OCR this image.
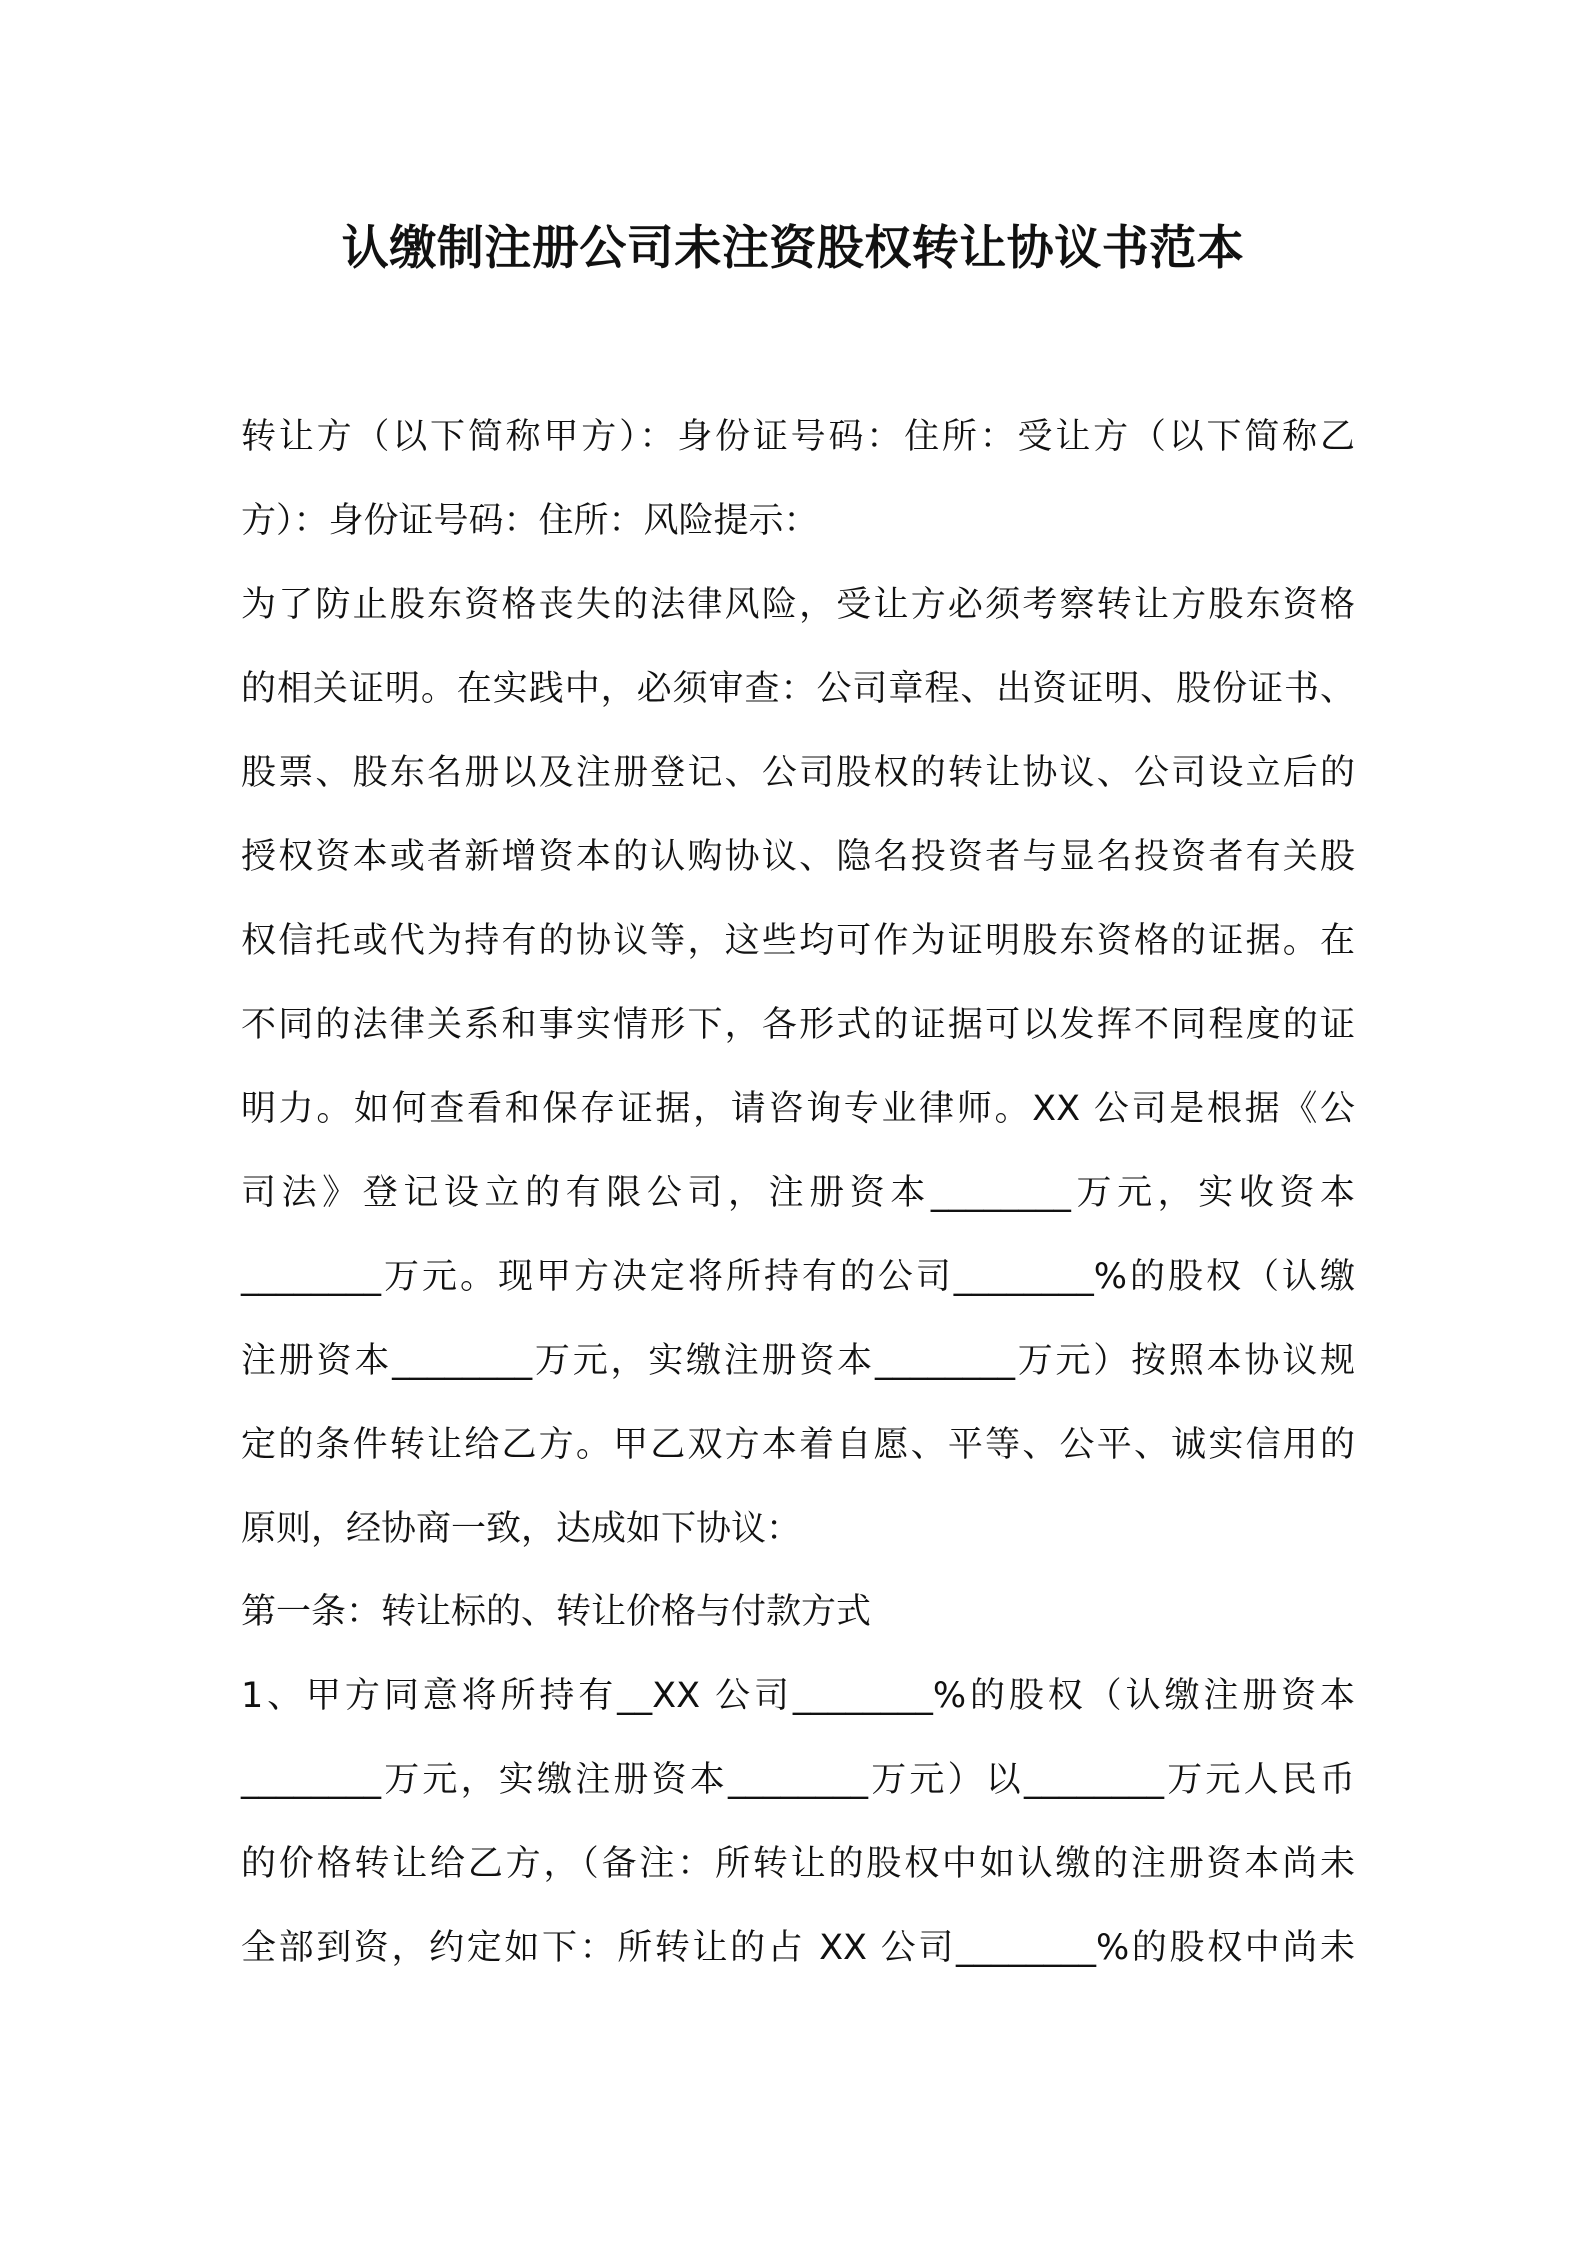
认缴制注册公司未注资股权转让协议书范本
转让方（以下简称甲方）：身份证号码：住所：受让方（以下简称乙
方）：身份证号码：住所：风险提示：
为了防止股东资格丧失的法律风险，受让方必须考察转让方股东资格
的相关证明。在实践中，必须审查：公司章程、出资证明、股份证书、
股票、股东名册以及注册登记、公司股权的转让协议、公司设立后的
授权资本或者新增资本的认购协议、隐名投资者与显名投资者有关股
权信托或代为持有的协议等，这些均可作为证明股东资格的证据。在
不同的法律关系和事实情形下，各形式的证据可以发挥不同程度的证
明力。如何查看和保存证据，请咨询专业律师。XX 公司是根据《公
司法》登记设立的有限公司，注册资本________万元，实收资本
________万元。现甲方决定将所持有的公司________%的股权（认缴
注册资本________万元，实缴注册资本________万元）按照本协议规
定的条件转让给乙方。甲乙双方本着自愿、平等、公平、诚实信用的
原则，经协商一致，达成如下协议：
第一条：转让标的、转让价格与付款方式
1、甲方同意将所持有__XX 公司________%的股权（认缴注册资本
________万元，实缴注册资本________万元）以________万元人民币
的价格转让给乙方，（备注：所转让的股权中如认缴的注册资本尚未
全部到资，约定如下：所转让的占 XX 公司________%的股权中尚未
